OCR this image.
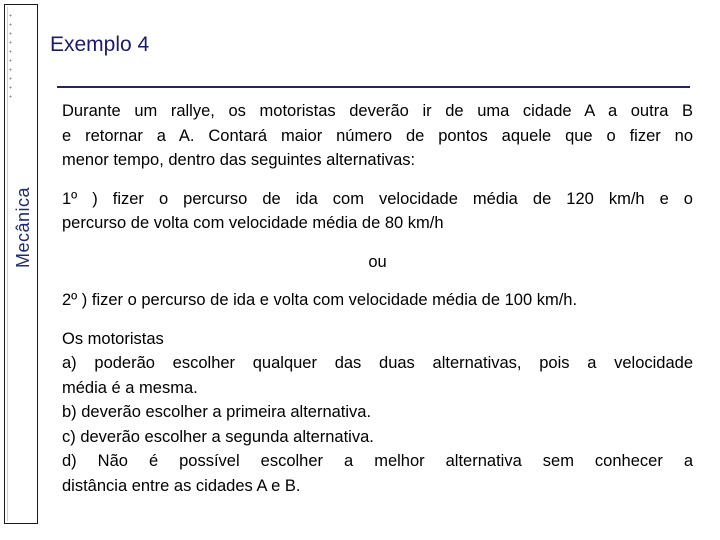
Mecânica
Exemplo 4

Durante um rallye, os motoristas deverão ir de uma cidade A a outra B
e retornar a A. Contará maior número de pontos aquele que o fizer no
menor tempo, dentro das seguintes alternativas:

1º ) fizer o percurso de ida com velocidade média de 120 km/h e o
percurso de volta com velocidade média de 80 km/h

ou

2º ) fizer o percurso de ida e volta com velocidade média de 100 km/h.

Os motoristas
a) poderão escolher qualquer das duas alternativas, pois a velocidade
média é a mesma.
b) deverão escolher a primeira alternativa.
c) deverão escolher a segunda alternativa.
d) Não é possível escolher a melhor alternativa sem conhecer a
distância entre as cidades A e B.
